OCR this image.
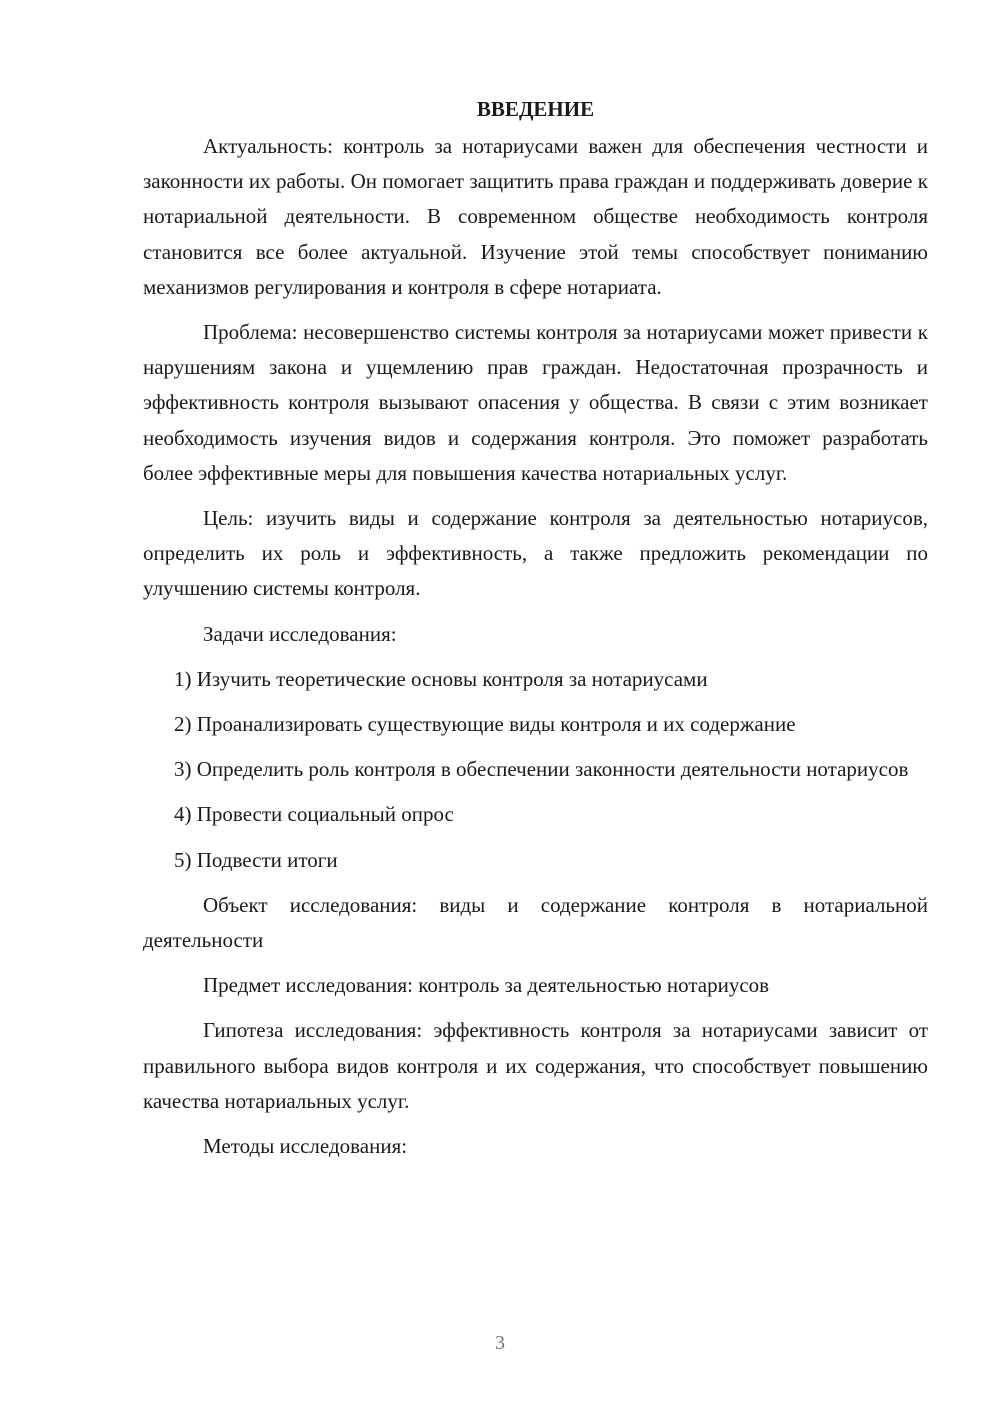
ВВЕДЕНИЕ

Актуальность: контроль за нотариусами важен для обеспечения честности и законности их работы. Он помогает защитить права граждан и поддерживать доверие к нотариальной деятельности. В современном обществе необходимость контроля становится все более актуальной. Изучение этой темы способствует пониманию механизмов регулирования и контроля в сфере нотариата.

Проблема: несовершенство системы контроля за нотариусами может привести к нарушениям закона и ущемлению прав граждан. Недостаточная прозрачность и эффективность контроля вызывают опасения у общества. В связи с этим возникает необходимость изучения видов и содержания контроля. Это поможет разработать более эффективные меры для повышения качества нотариальных услуг.

Цель: изучить виды и содержание контроля за деятельностью нотариусов, определить их роль и эффективность, а также предложить рекомендации по улучшению системы контроля.

Задачи исследования:

1) Изучить теоретические основы контроля за нотариусами

2) Проанализировать существующие виды контроля и их содержание

3) Определить роль контроля в обеспечении законности деятельности нотариусов

4) Провести социальный опрос

5) Подвести итоги

Объект исследования: виды и содержание контроля в нотариальной деятельности

Предмет исследования: контроль за деятельностью нотариусов

Гипотеза исследования: эффективность контроля за нотариусами зависит от правильного выбора видов контроля и их содержания, что способствует повышению качества нотариальных услуг.

Методы исследования:

3
